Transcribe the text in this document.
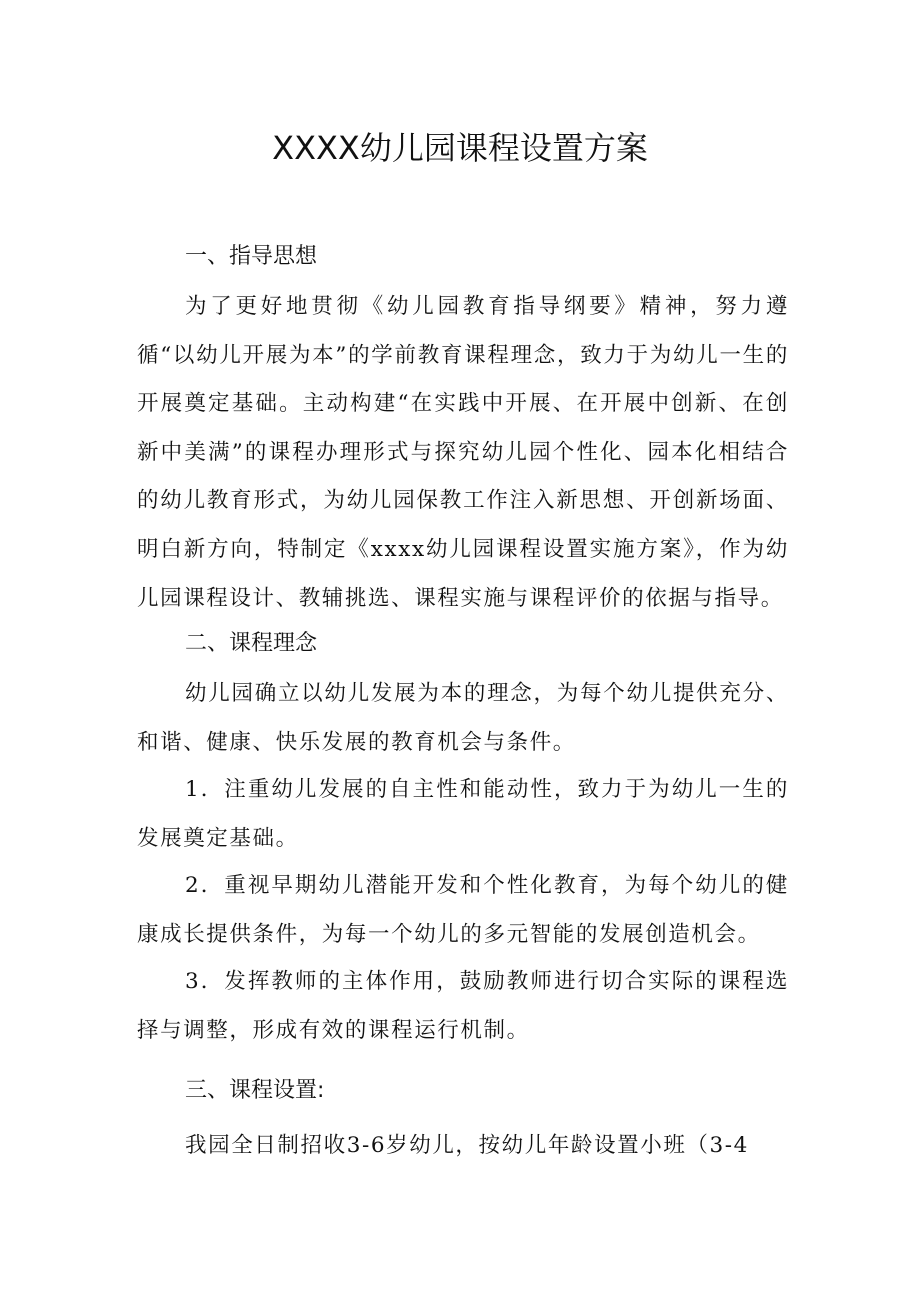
XXXX幼儿园课程设置方案
一、指导思想

为了更好地贯彻《幼儿园教育指导纲要》精神，努力遵循“以幼儿开展为本”的学前教育课程理念，致力于为幼儿一生的开展奠定基础。主动构建“在实践中开展、在开展中创新、在创新中美满”的课程办理形式与探究幼儿园个性化、园本化相结合的幼儿教育形式，为幼儿园保教工作注入新思想、开创新场面、明白新方向，特制定《xxxx幼儿园课程设置实施方案》，作为幼儿园课程设计、教辅挑选、课程实施与课程评价的依据与指导。

二、课程理念

幼儿园确立以幼儿发展为本的理念，为每个幼儿提供充分、和谐、健康、快乐发展的教育机会与条件。

1．注重幼儿发展的自主性和能动性，致力于为幼儿一生的发展奠定基础。

2．重视早期幼儿潜能开发和个性化教育，为每个幼儿的健康成长提供条件，为每一个幼儿的多元智能的发展创造机会。

3．发挥教师的主体作用，鼓励教师进行切合实际的课程选择与调整，形成有效的课程运行机制。

三、课程设置:

我园全日制招收3-6岁幼儿，按幼儿年龄设置小班（3-4
